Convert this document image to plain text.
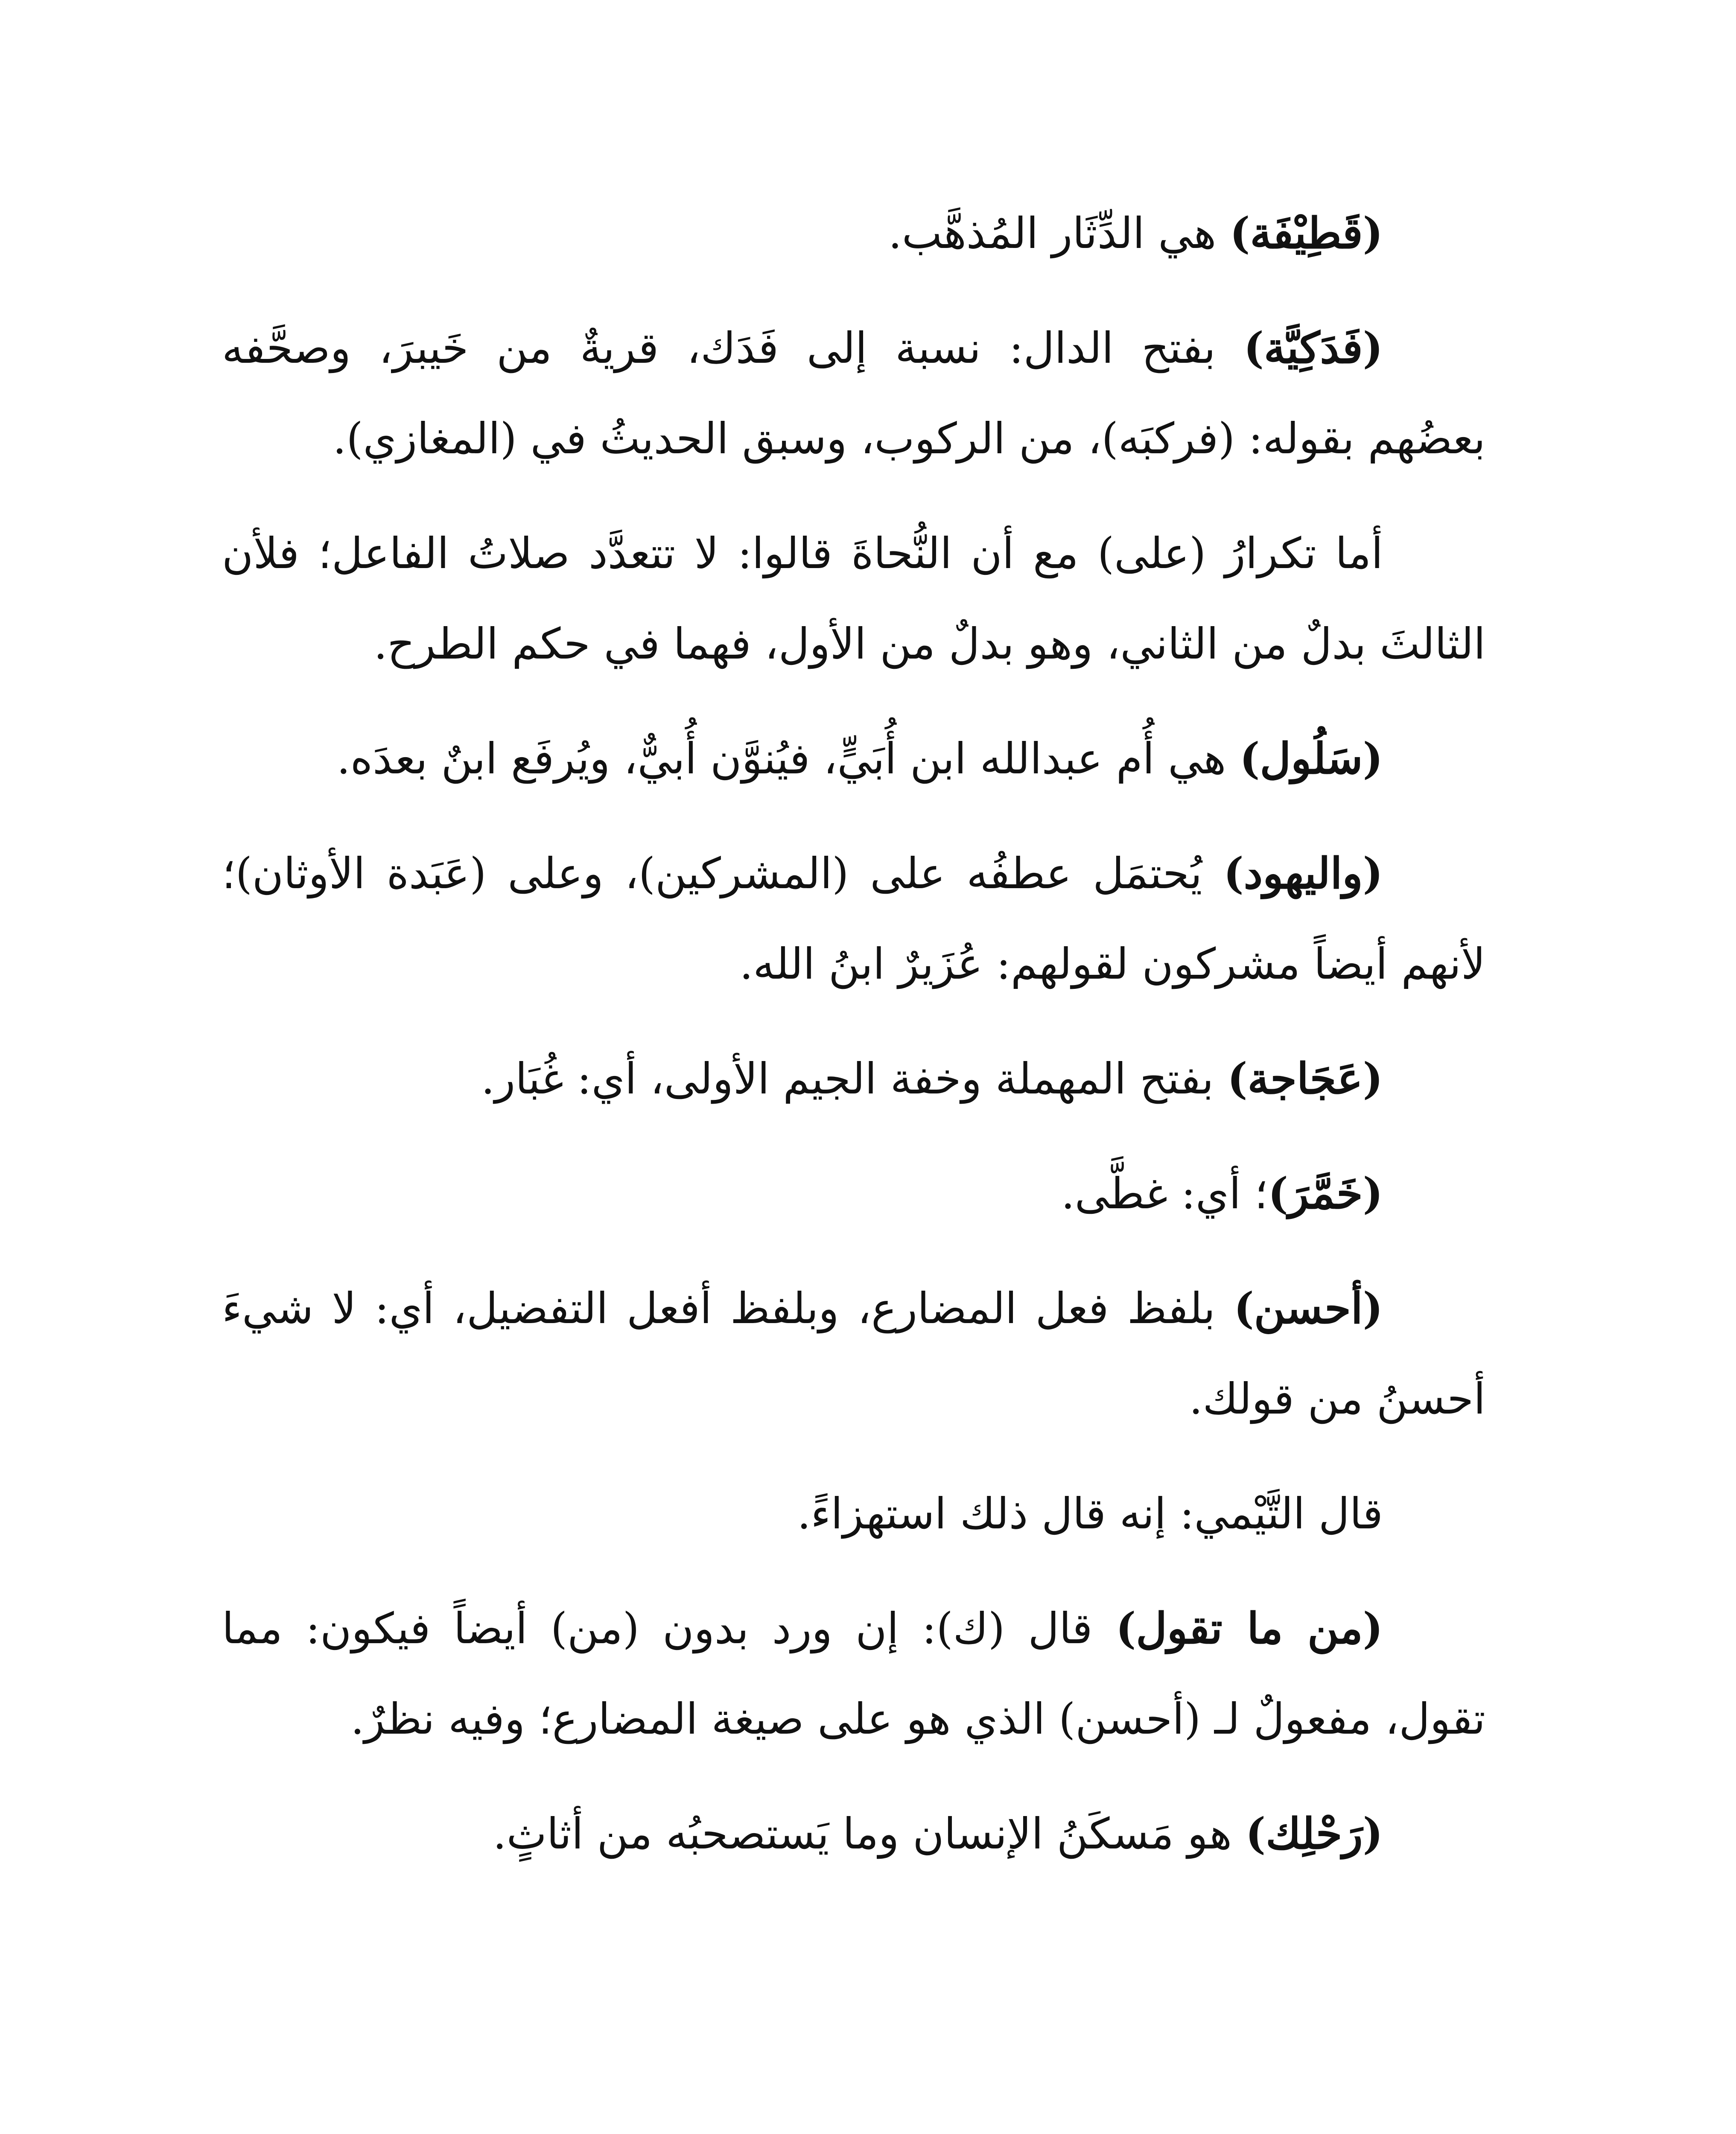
(قَطِيْفَة) هي الدِّثَار المُذهَّب.

(فَدَكِيَّة) بفتح الدال: نسبة إلى فَدَك، قريةٌ من خَيبرَ، وصحَّفه بعضُهم بقوله: (فركبَه)، من الركوب، وسبق الحديثُ في (المغازي).

أما تكرارُ (على) مع أن النُّحاةَ قالوا: لا تتعدَّد صلاتُ الفاعل؛ فلأن الثالثَ بدلٌ من الثاني، وهو بدلٌ من الأول، فهما في حكم الطرح.

(سَلُول) هي أُم عبدالله ابن أُبَيٍّ، فيُنوَّن أُبيٌّ، ويُرفَع ابنٌ بعدَه.

(واليهود) يُحتمَل عطفُه على (المشركين)، وعلى (عَبَدة الأوثان)؛ لأنهم أيضاً مشركون لقولهم: عُزَيرٌ ابنُ الله.

(عَجَاجة) بفتح المهملة وخفة الجيم الأولى، أي: غُبَار.

(خَمَّرَ)؛ أي: غطَّى.

(أحسن) بلفظ فعل المضارع، وبلفظ أفعل التفضيل، أي: لا شيءَ أحسنُ من قولك.

قال التَّيْمي: إنه قال ذلك استهزاءً.

(من ما تقول) قال (ك): إن ورد بدون (من) أيضاً فيكون: مما تقول، مفعولٌ لـ (أحسن) الذي هو على صيغة المضارع؛ وفيه نظرٌ.

(رَحْلِك) هو مَسكَنُ الإنسان وما يَستصحبُه من أثاثٍ.
